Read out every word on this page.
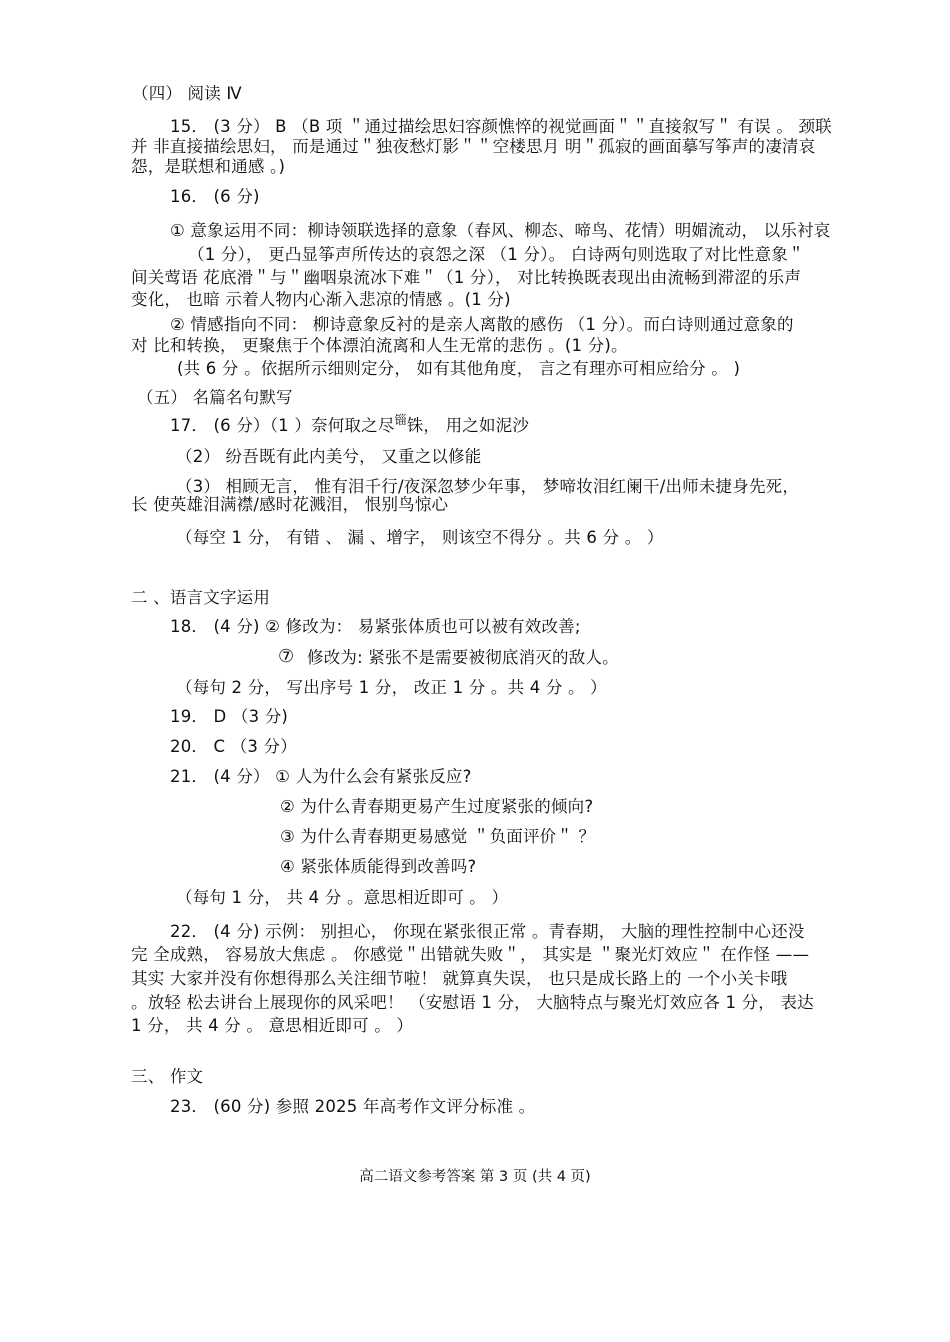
（四） 阅读 Ⅳ
15． (3 分） B （B 项 ＂通过描绘思妇容颜憔悴的视觉画面＂＂直接叙写＂ 有误 。 颈联
并 非直接描绘思妇， 而是通过＂独夜愁灯影＂＂空楼思月 明＂孤寂的画面摹写筝声的凄清哀
怨，是联想和通感 。)
16． (6 分)
① 意象运用不同：柳诗领联选择的意象（春风、柳态、啼鸟、花情）明媚流动， 以乐衬哀
（1 分）， 更凸显筝声所传达的哀怨之深 （1 分）。 白诗两句则选取了对比性意象＂
间关莺语 花底滑＂与＂幽咽泉流冰下难＂（1 分）， 对比转换既表现出由流畅到滞涩的乐声
变化， 也暗 示着人物内心渐入悲凉的情感 。(1 分)
② 情感指向不同： 柳诗意象反衬的是亲人离散的感伤 （1 分）。而白诗则通过意象的
对 比和转换， 更聚焦于个体漂泊流离和人生无常的悲伤 。(1 分)。
(共 6 分 。依据所示细则定分， 如有其他角度， 言之有理亦可相应给分 。 )
（五） 名篇名句默写
17． (6 分）（1 ）奈何取之尽$^锱$铢， 用之如泥沙
（2） 纷吾既有此内美兮， 又重之以修能
（3） 相顾无言， 惟有泪千行/夜深忽梦少年事， 梦啼妆泪红阑干/出师未捷身先死，
长 使英雄泪满襟/感时花溅泪， 恨别鸟惊心
（每空 1 分， 有错 、 漏 、增字， 则该空不得分 。共 6 分 。 ）
二 、语言文字运用
18． (4 分) ② 修改为： 易紧张体质也可以被有效改善;
⑦ 修改为: 紧张不是需要被彻底消灭的敌人。
（每句 2 分， 写出序号 1 分， 改正 1 分 。共 4 分 。 ）
19． D （3 分)
20． C （3 分）
21． (4 分） ① 人为什么会有紧张反应?
② 为什么青春期更易产生过度紧张的倾向?
③ 为什么青春期更易感觉 ＂负面评价＂ ？
④ 紧张体质能得到改善吗?
（每句 1 分， 共 4 分 。意思相近即可 。 ）
22． (4 分) 示例： 别担心， 你现在紧张很正常 。青春期， 大脑的理性控制中心还没
完 全成熟， 容易放大焦虑 。 你感觉＂出错就失败＂， 其实是 ＂聚光灯效应＂ 在作怪 ——
其实 大家并没有你想得那么关注细节啦！ 就算真失误， 也只是成长路上的 一个小关卡哦
。放轻 松去讲台上展现你的风采吧！ （安慰语 1 分， 大脑特点与聚光灯效应各 1 分， 表达
1 分， 共 4 分 。 意思相近即可 。 ）
三、 作文
23． (60 分) 参照 2025 年高考作文评分标准 。
高二语文参考答案 第 3 页 (共 4 页)
